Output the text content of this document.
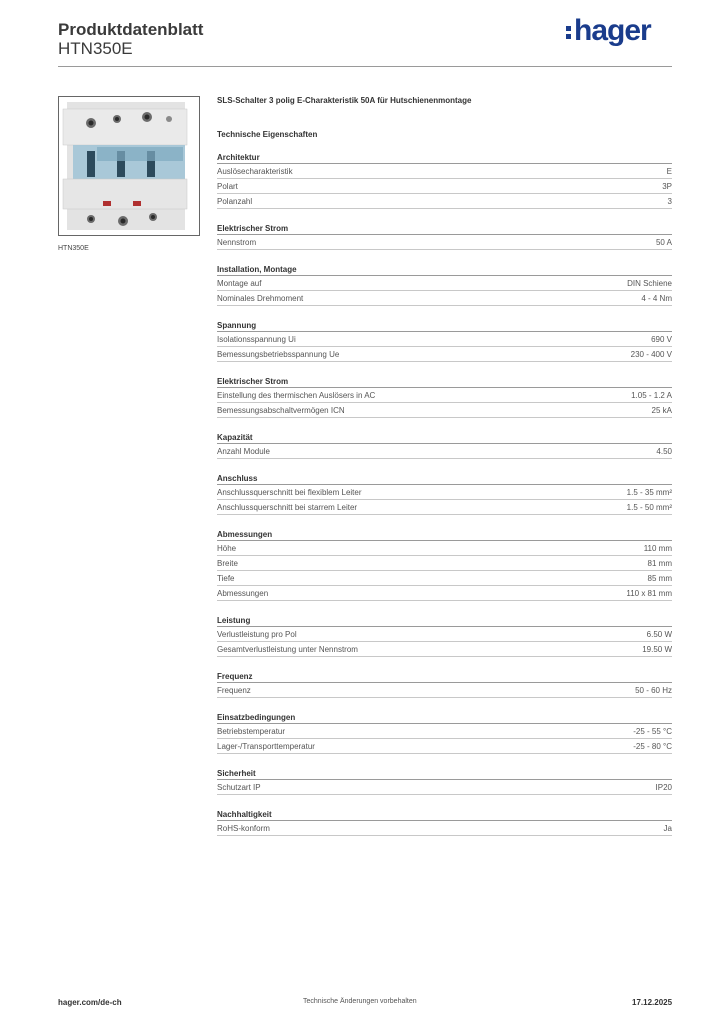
Produktdatenblatt
HTN350E
hager
HTN350E
SLS-Schalter 3 polig E-Charakteristik 50A für Hutschienenmontage
Technische Eigenschaften
Architektur
Auslösecharakteristik	E
Polart	3P
Polanzahl	3
Elektrischer Strom
Nennstrom	50 A
Installation, Montage
Montage auf	DIN Schiene
Nominales Drehmoment	4 - 4 Nm
Spannung
Isolationsspannung Ui	690 V
Bemessungsbetriebsspannung Ue	230 - 400 V
Elektrischer Strom
Einstellung des thermischen Auslösers in AC	1.05 - 1.2 A
Bemessungsabschaltvermögen ICN	25 kA
Kapazität
Anzahl Module	4.50
Anschluss
Anschlussquerschnitt bei flexiblem Leiter	1.5 - 35 mm²
Anschlussquerschnitt bei starrem Leiter	1.5 - 50 mm²
Abmessungen
Höhe	110 mm
Breite	81 mm
Tiefe	85 mm
Abmessungen	110 x 81 mm
Leistung
Verlustleistung pro Pol	6.50 W
Gesamtverlustleistung unter Nennstrom	19.50 W
Frequenz
Frequenz	50 - 60 Hz
Einsatzbedingungen
Betriebstemperatur	-25 - 55 °C
Lager-/Transporttemperatur	-25 - 80 °C
Sicherheit
Schutzart IP	IP20
Nachhaltigkeit
RoHS-konform	Ja
hager.com/de-ch	Technische Änderungen vorbehalten	17.12.2025
